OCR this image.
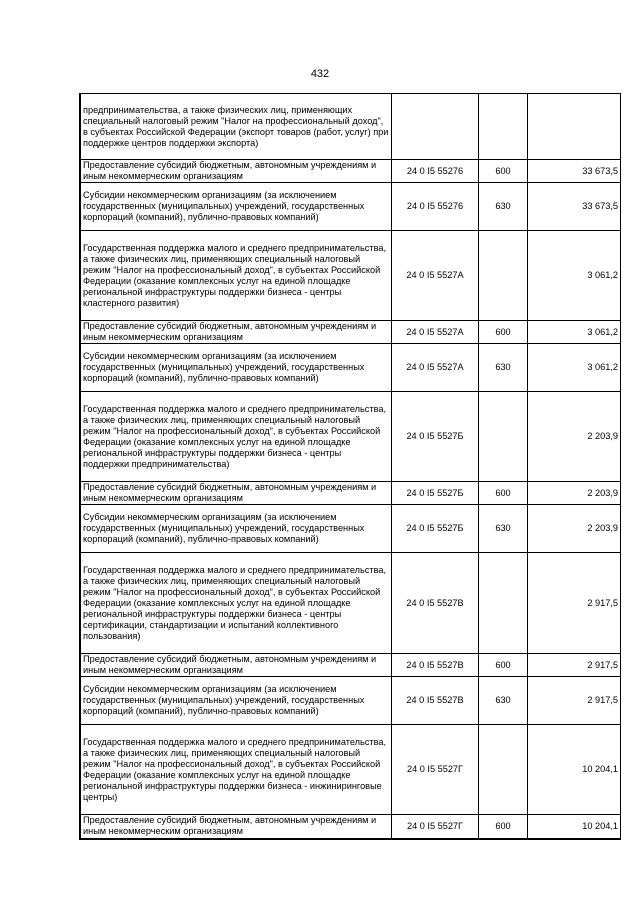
432
предпринимательства, а также физических лиц, применяющих специальный налоговый режим "Налог на профессиональный доход", в субъектах Российской Федерации (экспорт товаров (работ, услуг) при поддержке центров поддержки экспорта)			
Предоставление субсидий бюджетным, автономным учреждениям и иным некоммерческим организациям	24 0 I5 55276	600	33 673,5
Субсидии некоммерческим организациям (за исключением государственных (муниципальных) учреждений, государственных корпораций (компаний), публично-правовых компаний)	24 0 I5 55276	630	33 673,5
Государственная поддержка малого и среднего предпринимательства, а также физических лиц, применяющих специальный налоговый режим "Налог на профессиональный доход", в субъектах Российской Федерации (оказание комплексных услуг на единой площадке региональной инфраструктуры поддержки бизнеса - центры кластерного развития)	24 0 I5 5527A		3 061,2
Предоставление субсидий бюджетным, автономным учреждениям и иным некоммерческим организациям	24 0 I5 5527A	600	3 061,2
Субсидии некоммерческим организациям (за исключением государственных (муниципальных) учреждений, государственных корпораций (компаний), публично-правовых компаний)	24 0 I5 5527A	630	3 061,2
Государственная поддержка малого и среднего предпринимательства, а также физических лиц, применяющих специальный налоговый режим "Налог на профессиональный доход", в субъектах Российской Федерации (оказание комплексных услуг на единой площадке региональной инфраструктуры поддержки бизнеса - центры поддержки предпринимательства)	24 0 I5 5527Б		2 203,9
Предоставление субсидий бюджетным, автономным учреждениям и иным некоммерческим организациям	24 0 I5 5527Б	600	2 203,9
Субсидии некоммерческим организациям (за исключением государственных (муниципальных) учреждений, государственных корпораций (компаний), публично-правовых компаний)	24 0 I5 5527Б	630	2 203,9
Государственная поддержка малого и среднего предпринимательства, а также физических лиц, применяющих специальный налоговый режим "Налог на профессиональный доход", в субъектах Российской Федерации (оказание комплексных услуг на единой площадке региональной инфраструктуры поддержки бизнеса - центры сертификации, стандартизации и испытаний коллективного пользования)	24 0 I5 5527B		2 917,5
Предоставление субсидий бюджетным, автономным учреждениям и иным некоммерческим организациям	24 0 I5 5527B	600	2 917,5
Субсидии некоммерческим организациям (за исключением государственных (муниципальных) учреждений, государственных корпораций (компаний), публично-правовых компаний)	24 0 I5 5527B	630	2 917,5
Государственная поддержка малого и среднего предпринимательства, а также физических лиц, применяющих специальный налоговый режим "Налог на профессиональный доход", в субъектах Российской Федерации (оказание комплексных услуг на единой площадке региональной инфраструктуры поддержки бизнеса - инжиниринговые центры)	24 0 I5 5527Г		10 204,1
Предоставление субсидий бюджетным, автономным учреждениям и иным некоммерческим организациям	24 0 I5 5527Г	600	10 204,1
